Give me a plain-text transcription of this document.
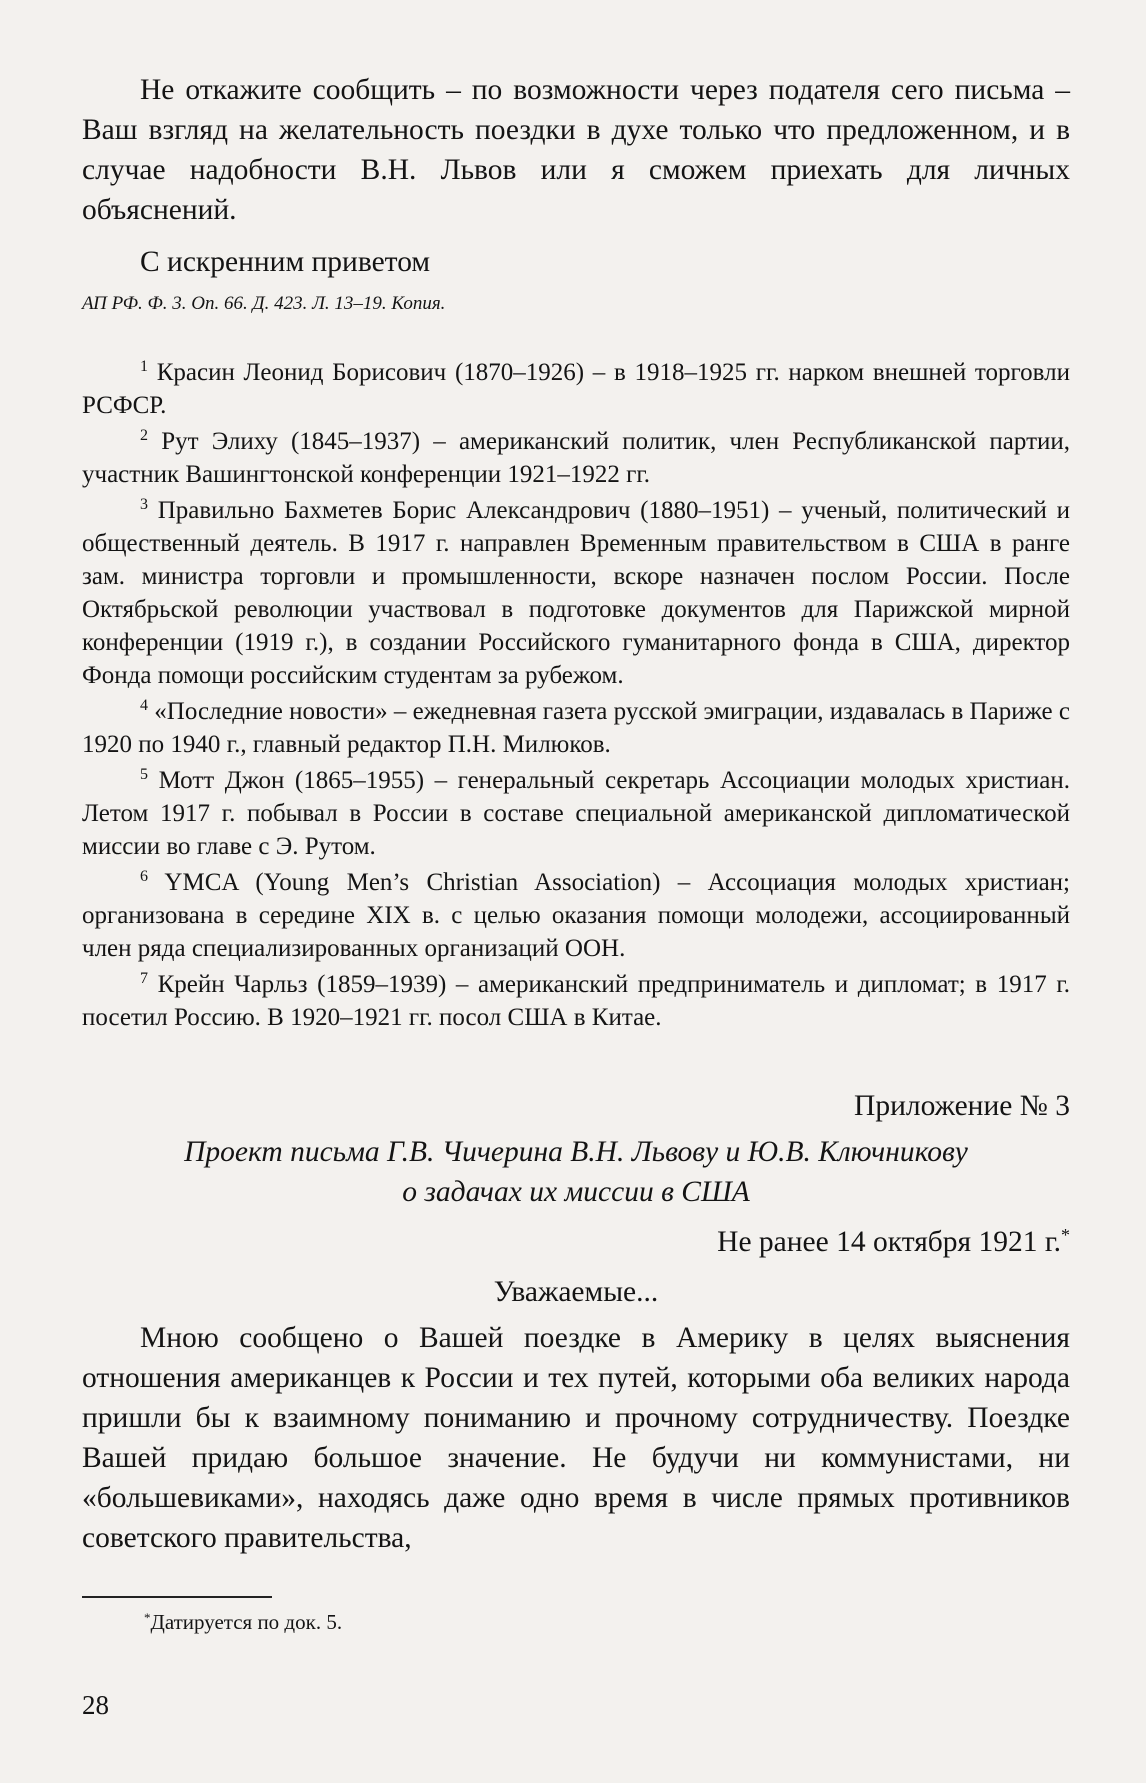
Не откажите сообщить – по возможности через подателя сего письма – Ваш взгляд на желательность поездки в духе только что предложенном, и в случае надобности В.Н. Львов или я сможем приехать для личных объяснений.

С искренним приветом

АП РФ. Ф. 3. Оп. 66. Д. 423. Л. 13–19. Копия.

$^1$ Красин Леонид Борисович (1870–1926) – в 1918–1925 гг. нарком внешней торговли РСФСР.

$^2$ Рут Элиху (1845–1937) – американский политик, член Республиканской партии, участник Вашингтонской конференции 1921–1922 гг.

$^3$ Правильно Бахметев Борис Александрович (1880–1951) – ученый, политический и общественный деятель. В 1917 г. направлен Временным правительством в США в ранге зам. министра торговли и промышленности, вскоре назначен послом России. После Октябрьской революции участвовал в подготовке документов для Парижской мирной конференции (1919 г.), в создании Российского гуманитарного фонда в США, директор Фонда помощи российским студентам за рубежом.

$^4$ «Последние новости» – ежедневная газета русской эмиграции, издавалась в Париже с 1920 по 1940 г., главный редактор П.Н. Милюков.

$^5$ Мотт Джон (1865–1955) – генеральный секретарь Ассоциации молодых христиан. Летом 1917 г. побывал в России в составе специальной американской дипломатической миссии во главе с Э. Рутом.

$^6$ YMCA (Young Men’s Christian Association) – Ассоциация молодых христиан; организована в середине XIX в. с целью оказания помощи молодежи, ассоциированный член ряда специализированных организаций ООН.

$^7$ Крейн Чарльз (1859–1939) – американский предприниматель и дипломат; в 1917 г. посетил Россию. В 1920–1921 гг. посол США в Китае.

Приложение № 3

Проект письма Г.В. Чичерина В.Н. Львову и Ю.В. Ключникову
о задачах их миссии в США

Не ранее 14 октября 1921 г.*

Уважаемые...

Мною сообщено о Вашей поездке в Америку в целях выяснения отношения американцев к России и тех путей, которыми оба великих народа пришли бы к взаимному пониманию и прочному сотрудничеству. Поездке Вашей придаю большое значение. Не будучи ни коммунистами, ни «большевиками», находясь даже одно время в числе прямых противников советского правительства,

*Датируется по док. 5.

28
